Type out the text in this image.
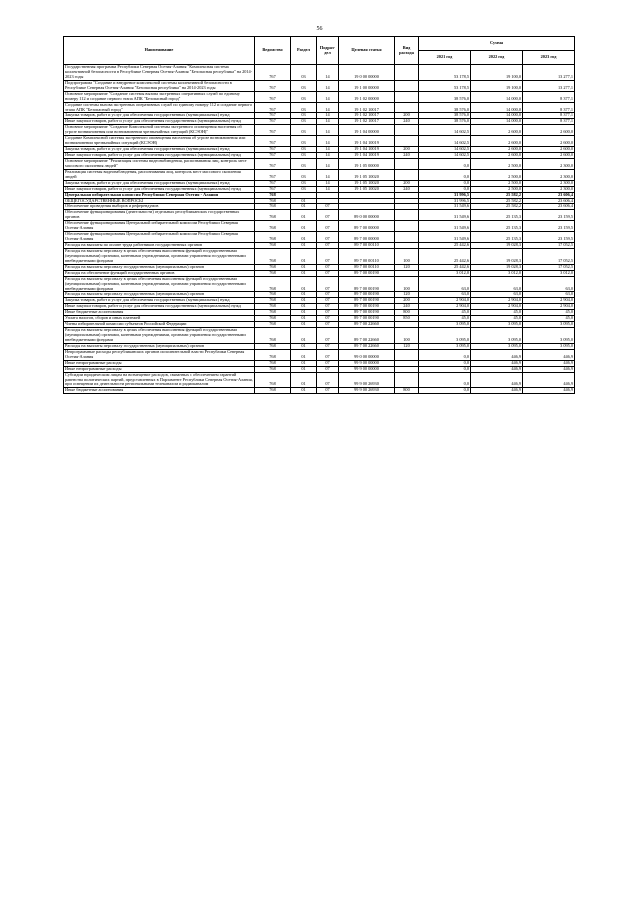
56
Наименование	Ведомство	Раздел	Подраз-дел	Целевая статья	Вид расхода	Сумма		
						2021 год	2022 год	2023 год
Государственная программа Республики Северная Осетия-Алания "Комплексная система коллективной безопасности в Республике Северная Осетия-Алания "Безопасная республика" на 2014-2023 годы	767	03	14	19 0 00 00000		53 178,5	19 100,0	13 277,1
Подпрограмма "Создание и внедрение комплексной системы коллективной безопасности в Республике Северная Осетия-Алания "Безопасная республика" на 2014-2023 годы	767	03	14	19 1 00 00000		53 178,5	19 100,0	13 277,1
Основное мероприятие "Создание системы вызова экстренных оперативных служб по единому номеру 112 и создание первого этапа АПК "Безопасный город"	767	03	14	19 1 02 00000		38 576,0	14 000,0	8 377,1
Создание системы вызова экстренных оперативных служб по единому номеру 112 и создание первого этапа АПК "Безопасный город"	767	03	14	19 1 02 10017		38 576,0	14 000,0	8 377,1
Закупка товаров, работ и услуг для обеспечения государственных (муниципальных) нужд	767	03	14	19 1 02 10017	200	38 576,0	14 000,0	8 377,1
Иные закупки товаров, работ и услуг для обеспечения государственных (муниципальных) нужд	767	03	14	19 1 02 10017	240	38 576,0	14 000,0	8 377,1
Основное мероприятие "Создание Комплексной системы экстренного оповещения населения об угрозе возникновения или возникновении чрезвычайных ситуаций (КСЭОН)"	767	03	14	19 1 04 00000		14 602,5	2 600,0	2 600,0
Создание Комплексной системы экстренного оповещения населения об угрозе возникновения или возникновении чрезвычайных ситуаций (КСЭОН)	767	03	14	19 1 04 10019		14 602,5	2 600,0	2 600,0
Закупка товаров, работ и услуг для обеспечения государственных (муниципальных) нужд	767	03	14	19 1 04 10019	200	14 602,5	2 600,0	2 600,0
Иные закупки товаров, работ и услуг для обеспечения государственных (муниципальных) нужд	767	03	14	19 1 04 10019	240	14 602,5	2 600,0	2 600,0
Основное мероприятие "Реализация системы видеонаблюдения, распознавания лиц, контроль мест массового скопления людей"	767	03	14	19 1 05 00000		0,0	2 500,0	2 300,0
Реализация системы видеонаблюдения, распознавания лиц, контроль мест массового скопления людей	767	03	14	19 1 05 10020		0,0	2 500,0	2 300,0
Закупка товаров, работ и услуг для обеспечения государственных (муниципальных) нужд	767	03	14	19 1 05 10020	200	0,0	2 500,0	2 300,0
Иные закупки товаров, работ и услуг для обеспечения государственных (муниципальных) нужд	767	03	14	19 1 05 10020	240	0,0	2 500,0	2 300,0
Центральная избирательная комиссия Республики Северная Осетия - Алания	768					31 996,5	25 582,2	23 606,4
ОБЩЕГОСУДАРСТВЕННЫЕ ВОПРОСЫ	768	01				31 996,5	25 582,2	23 606,4
Обеспечение проведения выборов и референдумов	768	01	07			31 549,6	25 582,2	23 606,4
Обеспечение функционирования (деятельности) отдельных республиканских государственных органов	768	01	07	89 0 00 00000		31 549,6	25 135,3	23 159,5
Обеспечение функционирования Центральной избирательной комиссии Республики Северная Осетия-Алания	768	01	07	89 7 00 00000		31 549,6	25 135,3	23 159,5
Обеспечение функционирования Центральной избирательной комиссии Республики Северная Осетия-Алания	768	01	07	89 7 00 00000		31 549,6	25 135,3	23 159,5
Расходы на выплаты по оплате труда работников государственных органов	768	01	07	89 7 00 00110		25 442,6	19 028,3	17 052,5
Расходы на выплаты персоналу в целях обеспечения выполнения функций государственными (муниципальными) органами, казенными учреждениями, органами управления государственными внебюджетными фондами	768	01	07	89 7 00 00110	100	25 442,6	19 028,3	17 052,5
Расходы на выплаты персоналу государственных (муниципальных) органов	768	01	07	89 7 00 00110	120	25 442,6	19 028,3	17 052,5
Расходы на обеспечение функций государственных органов	768	01	07	89 7 00 00190		3 012,0	3 012,0	3 012,0
Расходы на выплаты персоналу в целях обеспечения выполнения функций государственными (муниципальными) органами, казенными учреждениями, органами управления государственными внебюджетными фондами	768	01	07	89 7 00 00190	100	63,0	63,0	63,0
Расходы на выплаты персоналу государственных (муниципальных) органов	768	01	07	89 7 00 00190	120	63,0	63,0	63,0
Закупка товаров, работ и услуг для обеспечения государственных (муниципальных) нужд	768	01	07	89 7 00 00190	200	2 904,0	2 904,0	2 904,0
Иные закупки товаров, работ и услуг для обеспечения государственных (муниципальных) нужд	768	01	07	89 7 00 00190	240	2 904,0	2 904,0	2 904,0
Иные бюджетные ассигнования	768	01	07	89 7 00 00190	800	45,0	45,0	45,0
Уплата налогов, сборов и иных платежей	768	01	07	89 7 00 00190	850	45,0	45,0	45,0
Члены избирательной комиссии субъектов Российской Федерации	768	01	07	89 7 00 22660		3 095,0	3 095,0	3 095,0
Расходы на выплаты персоналу в целях обеспечения выполнения функций государственными (муниципальными) органами, казенными учреждениями, органами управления государственными внебюджетными фондами	768	01	07	89 7 00 22660	100	3 095,0	3 095,0	3 095,0
Расходы на выплаты персоналу государственных (муниципальных) органов	768	01	07	89 7 00 22660	120	3 095,0	3 095,0	3 095,0
Непрограммные расходы республиканских органов исполнительной власти Республики Северная Осетия-Алания	768	01	07	99 0 00 00000		0,0	446,9	446,9
Иные непрограммные расходы	768	01	07	99 9 00 00000		0,0	446,9	446,9
Иные непрограммные расходы	768	01	07	99 9 00 00000		0,0	446,9	446,9
Субсидии юридическим лицам на возмещение расходов, связанных с обеспечением гарантий равенства политических партий, представленных в Парламенте Республики Северная Осетия-Алания, при освещении их деятельности региональными телеканалом и радиоканалом	768	01	07	99 9 00 26930		0,0	446,9	446,9
Иные бюджетные ассигнования	768	01	07	99 9 00 26930	800	0,0	446,9	446,9
